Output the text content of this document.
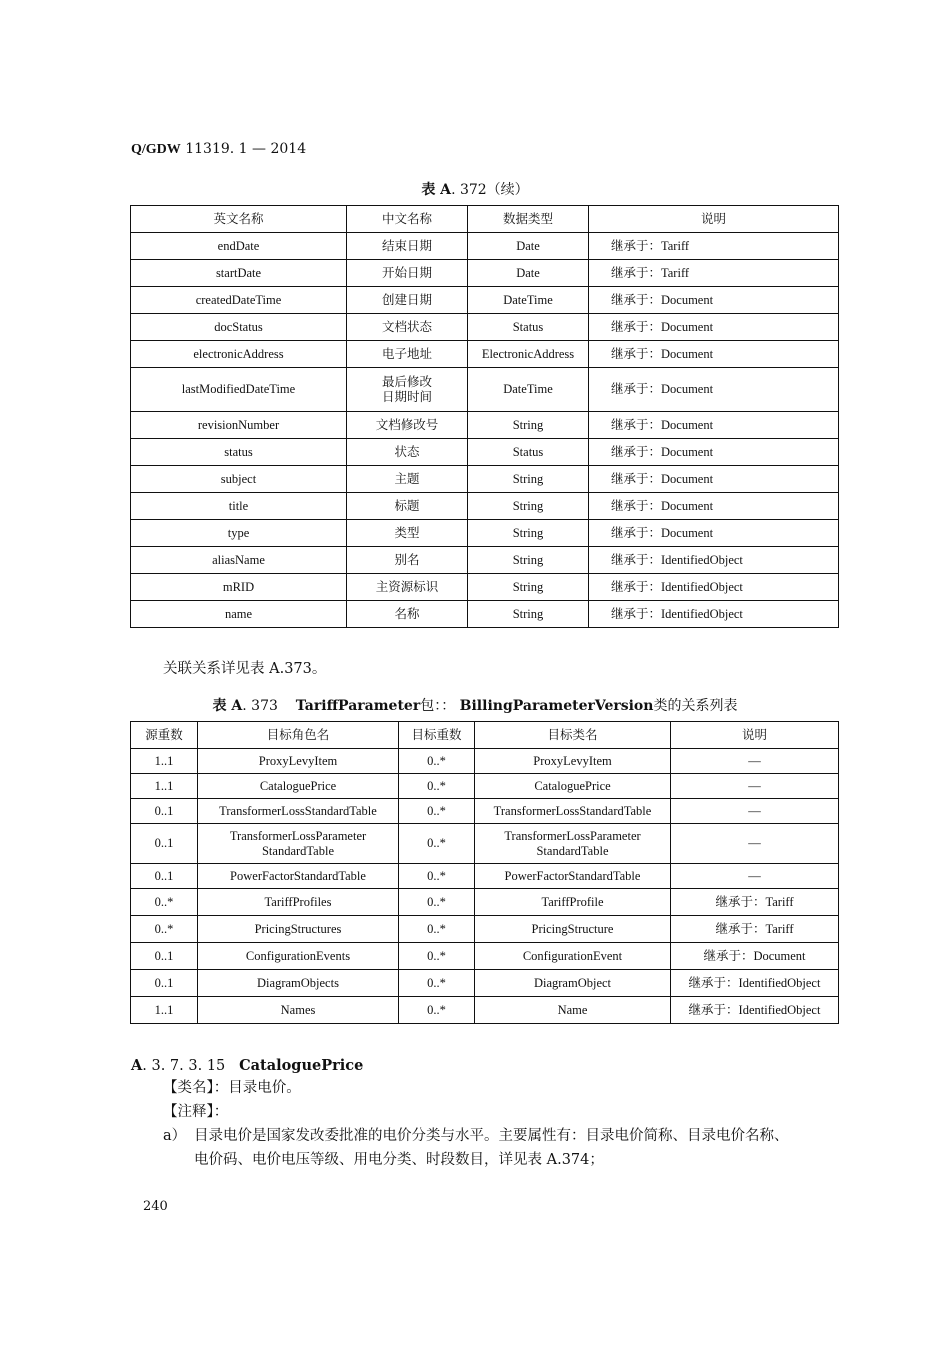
Q/GDW 11319. 1 — 2014
表 A. 372（续）
英文名称	中文名称	数据类型	说明
endDate	结束日期	Date	继承于：Tariff
startDate	开始日期	Date	继承于：Tariff
createdDateTime	创建日期	DateTime	继承于：Document
docStatus	文档状态	Status	继承于：Document
electronicAddress	电子地址	ElectronicAddress	继承于：Document
lastModifiedDateTime	最后修改日期时间	DateTime	继承于：Document
revisionNumber	文档修改号	String	继承于：Document
status	状态	Status	继承于：Document
subject	主题	String	继承于：Document
title	标题	String	继承于：Document
type	类型	String	继承于：Document
aliasName	别名	String	继承于：IdentifiedObject
mRID	主资源标识	String	继承于：IdentifiedObject
name	名称	String	继承于：IdentifiedObject
关联关系详见表 A.373。
表 A. 373 TariffParameter包：： BillingParameterVersion类的关系列表
源重数	目标角色名	目标重数	目标类名	说明
1..1	ProxyLevyItem	0..*	ProxyLevyItem	—
1..1	CataloguePrice	0..*	CataloguePrice	—
0..1	TransformerLossStandardTable	0..*	TransformerLossStandardTable	—
0..1	TransformerLossParameter StandardTable	0..*	TransformerLossParameter StandardTable	—
0..1	PowerFactorStandardTable	0..*	PowerFactorStandardTable	—
0..*	TariffProfiles	0..*	TariffProfile	继承于：Tariff
0..*	PricingStructures	0..*	PricingStructure	继承于：Tariff
0..1	ConfigurationEvents	0..*	ConfigurationEvent	继承于：Document
0..1	DiagramObjects	0..*	DiagramObject	继承于：IdentifiedObject
1..1	Names	0..*	Name	继承于：IdentifiedObject
A. 3. 7. 3. 15 CataloguePrice
【类名】：目录电价。
【注释】：
a） 目录电价是国家发改委批准的电价分类与水平。主要属性有：目录电价简称、目录电价名称、
电价码、电价电压等级、用电分类、时段数目，详见表 A.374；
240
